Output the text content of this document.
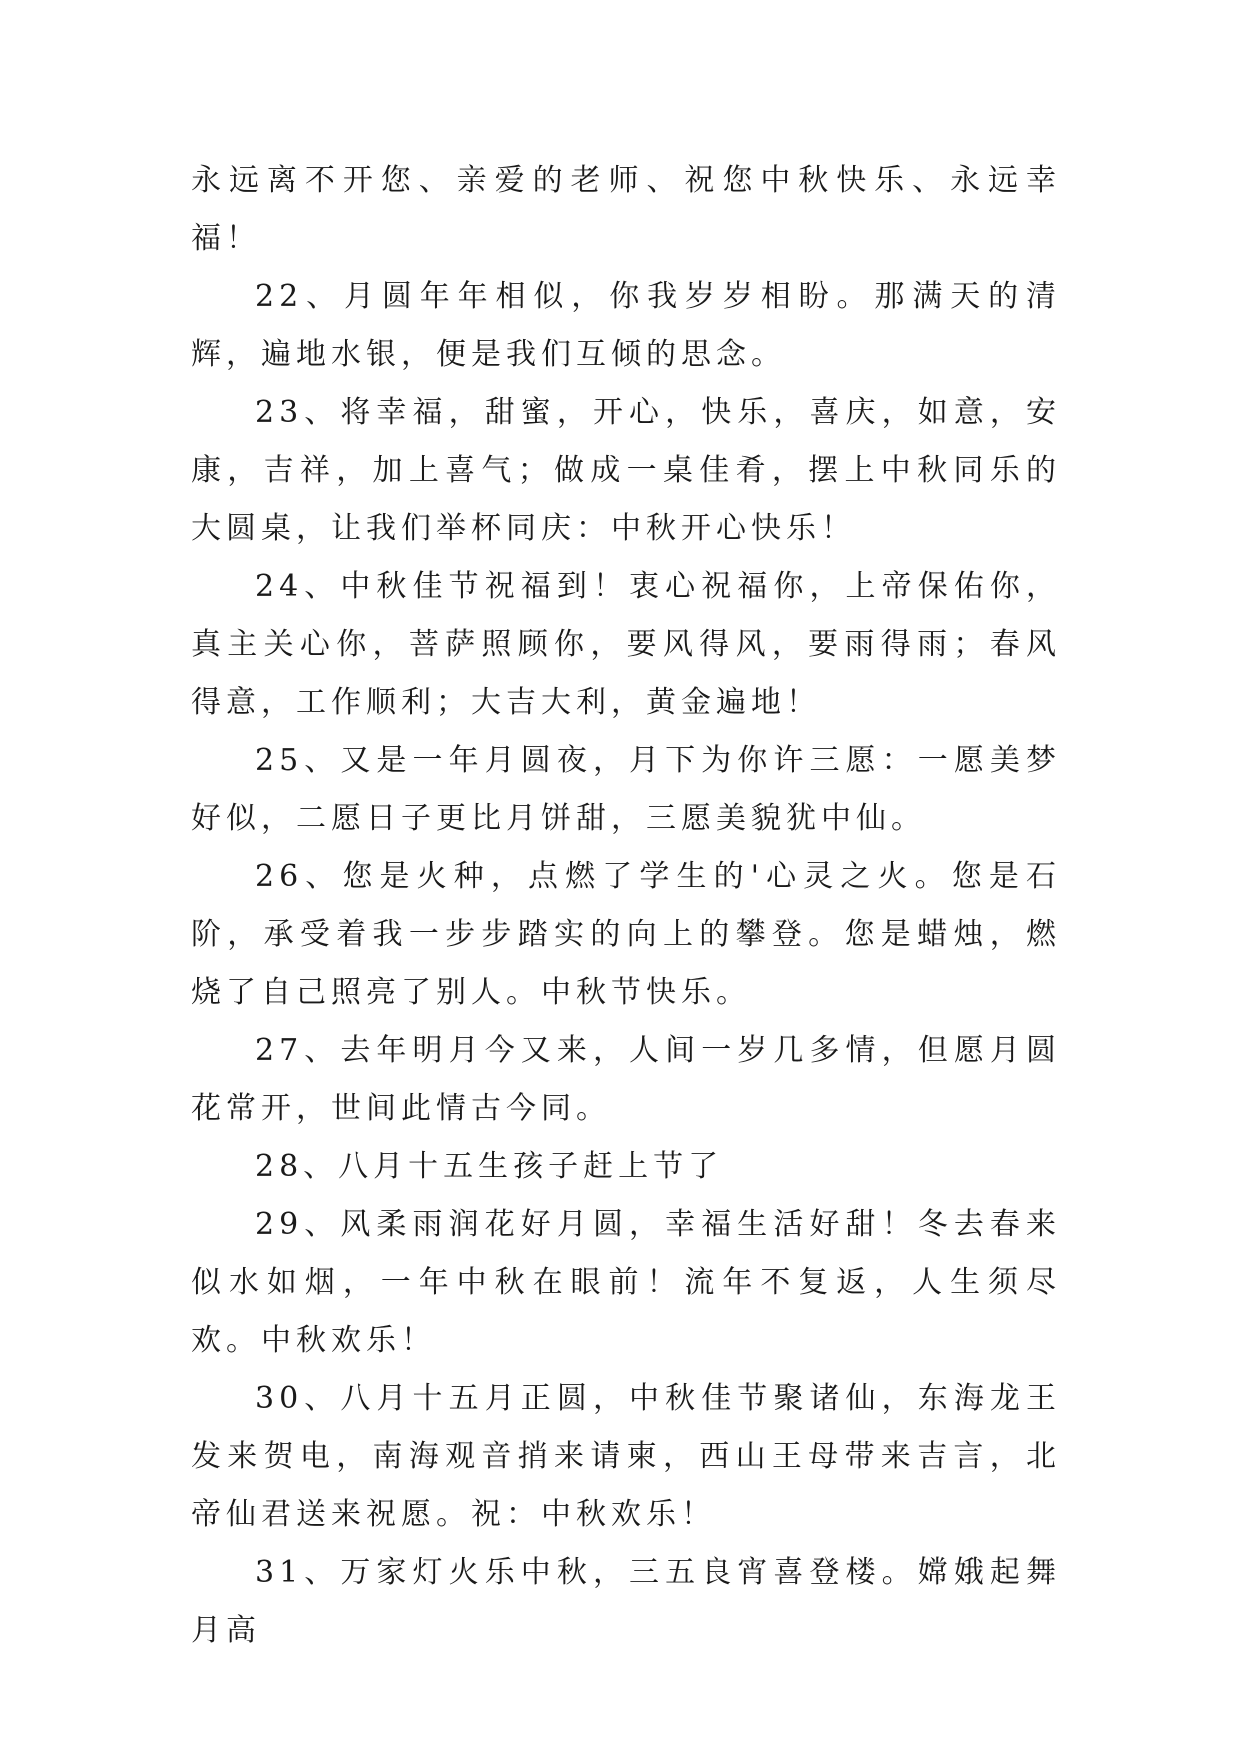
永远离不开您、亲爱的老师、祝您中秋快乐、永远幸福！

22、月圆年年相似，你我岁岁相盼。那满天的清辉，遍地水银，便是我们互倾的思念。

23、将幸福，甜蜜，开心，快乐，喜庆，如意，安康，吉祥，加上喜气；做成一桌佳肴，摆上中秋同乐的大圆桌，让我们举杯同庆：中秋开心快乐！

24、中秋佳节祝福到！衷心祝福你，上帝保佑你，真主关心你，菩萨照顾你，要风得风，要雨得雨；春风得意，工作顺利；大吉大利，黄金遍地！

25、又是一年月圆夜，月下为你许三愿：一愿美梦好似，二愿日子更比月饼甜，三愿美貌犹中仙。

26、您是火种，点燃了学生的'心灵之火。您是石阶，承受着我一步步踏实的向上的攀登。您是蜡烛，燃烧了自己照亮了别人。中秋节快乐。

27、去年明月今又来，人间一岁几多情，但愿月圆花常开，世间此情古今同。

28、八月十五生孩子赶上节了

29、风柔雨润花好月圆，幸福生活好甜！冬去春来似水如烟，一年中秋在眼前！流年不复返，人生须尽欢。中秋欢乐！

30、八月十五月正圆，中秋佳节聚诸仙，东海龙王发来贺电，南海观音捎来请柬，西山王母带来吉言，北帝仙君送来祝愿。祝：中秋欢乐！

31、万家灯火乐中秋，三五良宵喜登楼。嫦娥起舞月高
